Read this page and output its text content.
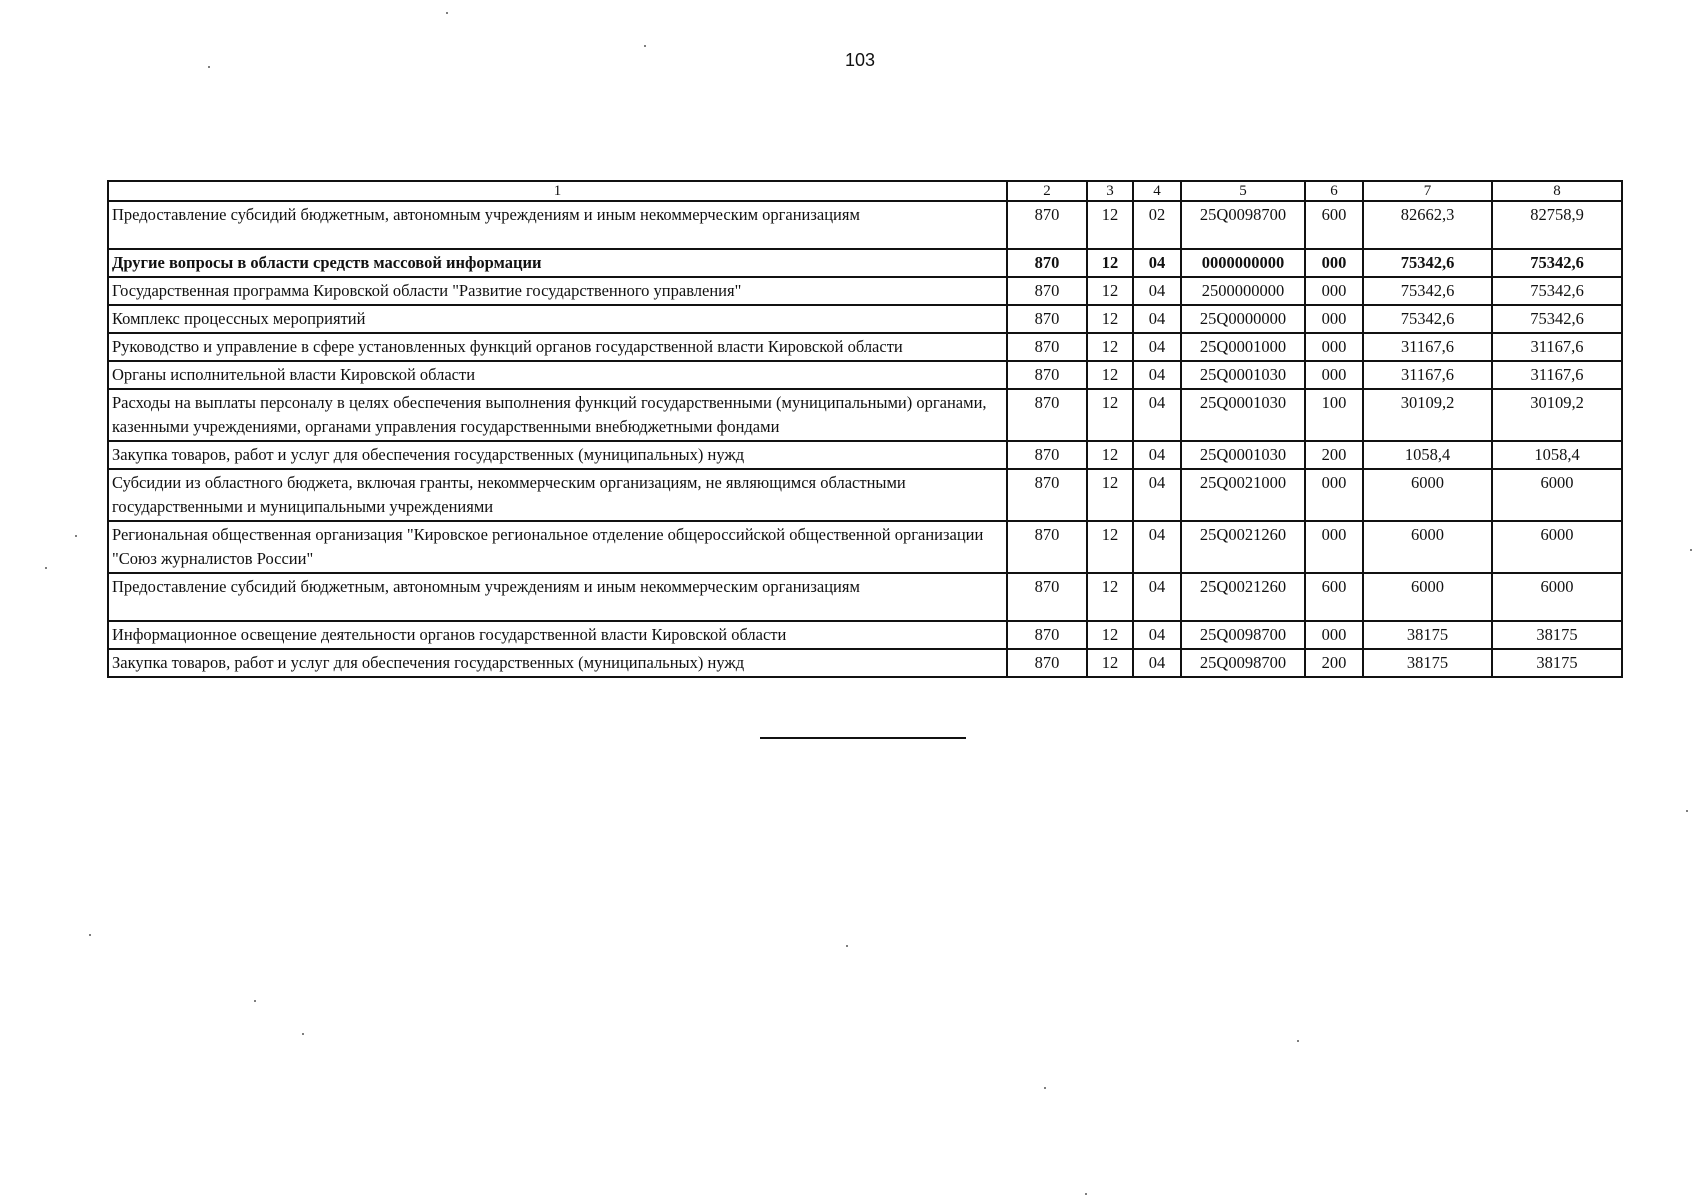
103
1	2	3	4	5	6	7	8
Предоставление субсидий бюджетным, автономным учреждениям и иным некоммерческим организациям	870	12	02	25Q0098700	600	82662,3	82758,9
Другие вопросы в области средств массовой информации	870	12	04	0000000000	000	75342,6	75342,6
Государственная программа Кировской области "Развитие государственного управления"	870	12	04	2500000000	000	75342,6	75342,6
Комплекс процессных мероприятий	870	12	04	25Q0000000	000	75342,6	75342,6
Руководство и управление в сфере установленных функций органов государственной власти Кировской области	870	12	04	25Q0001000	000	31167,6	31167,6
Органы исполнительной власти Кировской области	870	12	04	25Q0001030	000	31167,6	31167,6
Расходы на выплаты персоналу в целях обеспечения выполнения функций государственными (муниципальными) органами, казенными учреждениями, органами управления государственными внебюджетными фондами	870	12	04	25Q0001030	100	30109,2	30109,2
Закупка товаров, работ и услуг для обеспечения государственных (муниципальных) нужд	870	12	04	25Q0001030	200	1058,4	1058,4
Субсидии из областного бюджета, включая гранты, некоммерческим организациям, не являющимся областными государственными и муниципальными учреждениями	870	12	04	25Q0021000	000	6000	6000
Региональная общественная организация "Кировское региональное отделение общероссийской общественной организации "Союз журналистов России"	870	12	04	25Q0021260	000	6000	6000
Предоставление субсидий бюджетным, автономным учреждениям и иным некоммерческим организациям	870	12	04	25Q0021260	600	6000	6000
Информационное освещение деятельности органов государственной власти Кировской области	870	12	04	25Q0098700	000	38175	38175
Закупка товаров, работ и услуг для обеспечения государственных (муниципальных) нужд	870	12	04	25Q0098700	200	38175	38175
